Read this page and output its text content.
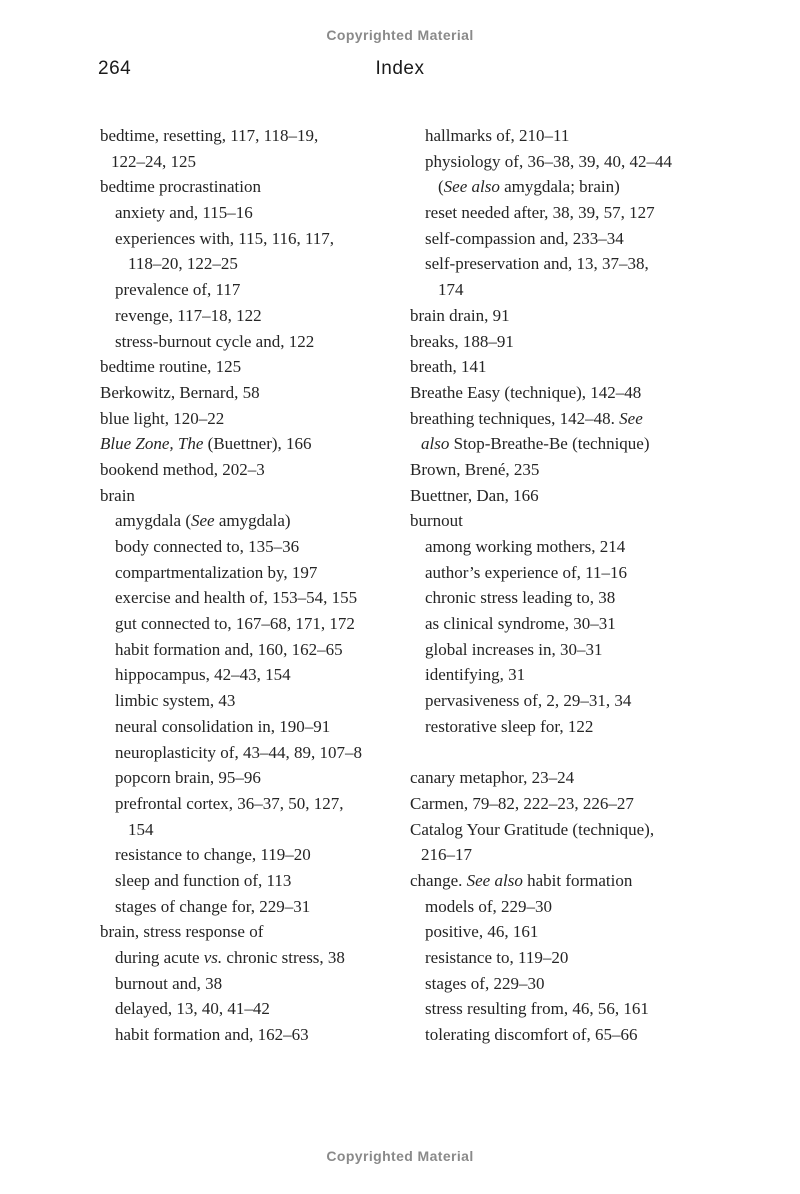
Copyrighted Material
264	Index
bedtime, resetting, 117, 118–19,
122–24, 125
bedtime procrastination
anxiety and, 115–16
experiences with, 115, 116, 117,
118–20, 122–25
prevalence of, 117
revenge, 117–18, 122
stress-burnout cycle and, 122
bedtime routine, 125
Berkowitz, Bernard, 58
blue light, 120–22
Blue Zone, The (Buettner), 166
bookend method, 202–3
brain
amygdala (See amygdala)
body connected to, 135–36
compartmentalization by, 197
exercise and health of, 153–54, 155
gut connected to, 167–68, 171, 172
habit formation and, 160, 162–65
hippocampus, 42–43, 154
limbic system, 43
neural consolidation in, 190–91
neuroplasticity of, 43–44, 89, 107–8
popcorn brain, 95–96
prefrontal cortex, 36–37, 50, 127,
154
resistance to change, 119–20
sleep and function of, 113
stages of change for, 229–31
brain, stress response of
during acute vs. chronic stress, 38
burnout and, 38
delayed, 13, 40, 41–42
habit formation and, 162–63
hallmarks of, 210–11
physiology of, 36–38, 39, 40, 42–44
(See also amygdala; brain)
reset needed after, 38, 39, 57, 127
self-compassion and, 233–34
self-preservation and, 13, 37–38,
174
brain drain, 91
breaks, 188–91
breath, 141
Breathe Easy (technique), 142–48
breathing techniques, 142–48. See
also Stop-Breathe-Be (technique)
Brown, Brené, 235
Buettner, Dan, 166
burnout
among working mothers, 214
author’s experience of, 11–16
chronic stress leading to, 38
as clinical syndrome, 30–31
global increases in, 30–31
identifying, 31
pervasiveness of, 2, 29–31, 34
restorative sleep for, 122
canary metaphor, 23–24
Carmen, 79–82, 222–23, 226–27
Catalog Your Gratitude (technique),
216–17
change. See also habit formation
models of, 229–30
positive, 46, 161
resistance to, 119–20
stages of, 229–30
stress resulting from, 46, 56, 161
tolerating discomfort of, 65–66
Copyrighted Material
